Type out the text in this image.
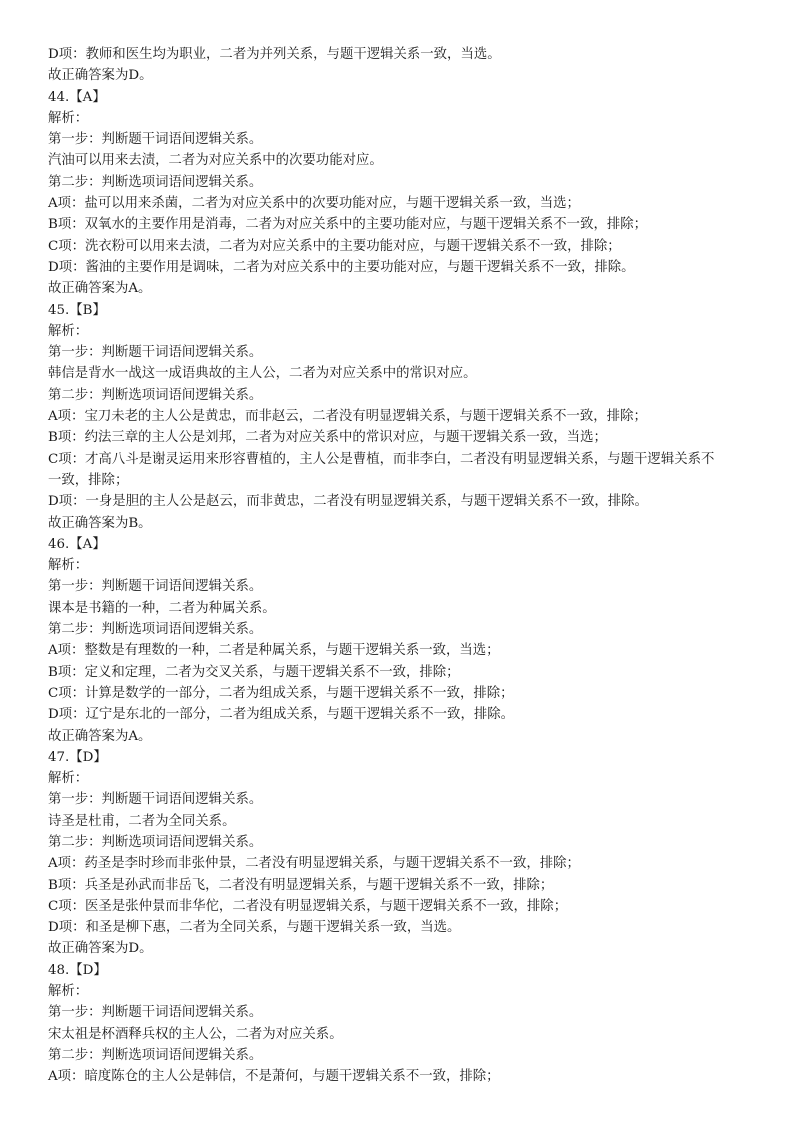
D项：教师和医生均为职业，二者为并列关系，与题干逻辑关系一致，当选。
故正确答案为D。
44.【A】
解析：
第一步：判断题干词语间逻辑关系。
汽油可以用来去渍，二者为对应关系中的次要功能对应。
第二步：判断选项词语间逻辑关系。
A项：盐可以用来杀菌，二者为对应关系中的次要功能对应，与题干逻辑关系一致，当选；
B项：双氧水的主要作用是消毒，二者为对应关系中的主要功能对应，与题干逻辑关系不一致，排除；
C项：洗衣粉可以用来去渍，二者为对应关系中的主要功能对应，与题干逻辑关系不一致，排除；
D项：酱油的主要作用是调味，二者为对应关系中的主要功能对应，与题干逻辑关系不一致，排除。
故正确答案为A。
45.【B】
解析：
第一步：判断题干词语间逻辑关系。
韩信是背水一战这一成语典故的主人公，二者为对应关系中的常识对应。
第二步：判断选项词语间逻辑关系。
A项：宝刀未老的主人公是黄忠，而非赵云，二者没有明显逻辑关系，与题干逻辑关系不一致，排除；
B项：约法三章的主人公是刘邦，二者为对应关系中的常识对应，与题干逻辑关系一致，当选；
C项：才高八斗是谢灵运用来形容曹植的，主人公是曹植，而非李白，二者没有明显逻辑关系，与题干逻辑关系不
一致，排除；
D项：一身是胆的主人公是赵云，而非黄忠，二者没有明显逻辑关系，与题干逻辑关系不一致，排除。
故正确答案为B。
46.【A】
解析：
第一步：判断题干词语间逻辑关系。
课本是书籍的一种，二者为种属关系。
第二步：判断选项词语间逻辑关系。
A项：整数是有理数的一种，二者是种属关系，与题干逻辑关系一致，当选；
B项：定义和定理，二者为交叉关系，与题干逻辑关系不一致，排除；
C项：计算是数学的一部分，二者为组成关系，与题干逻辑关系不一致，排除；
D项：辽宁是东北的一部分，二者为组成关系，与题干逻辑关系不一致，排除。
故正确答案为A。
47.【D】
解析：
第一步：判断题干词语间逻辑关系。
诗圣是杜甫，二者为全同关系。
第二步：判断选项词语间逻辑关系。
A项：药圣是李时珍而非张仲景，二者没有明显逻辑关系，与题干逻辑关系不一致，排除；
B项：兵圣是孙武而非岳飞，二者没有明显逻辑关系，与题干逻辑关系不一致，排除；
C项：医圣是张仲景而非华佗，二者没有明显逻辑关系，与题干逻辑关系不一致，排除；
D项：和圣是柳下惠，二者为全同关系，与题干逻辑关系一致，当选。
故正确答案为D。
48.【D】
解析：
第一步：判断题干词语间逻辑关系。
宋太祖是杯酒释兵权的主人公，二者为对应关系。
第二步：判断选项词语间逻辑关系。
A项：暗度陈仓的主人公是韩信，不是萧何，与题干逻辑关系不一致，排除；
